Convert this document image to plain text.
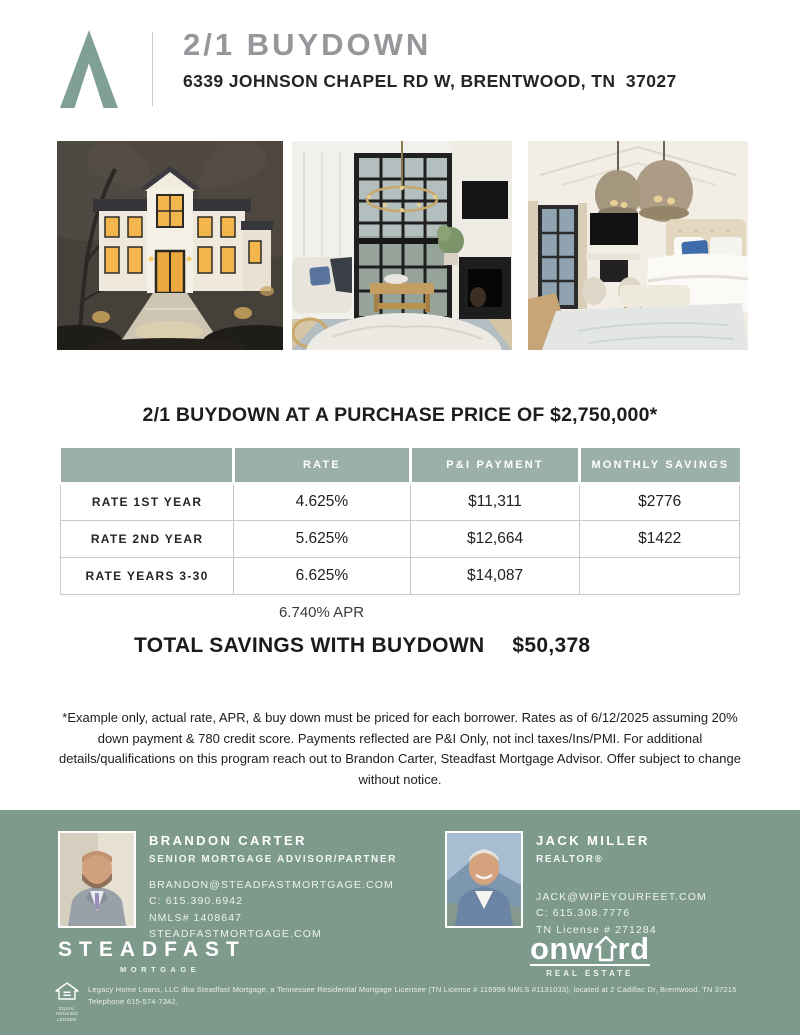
2/1 BUYDOWN
6339 JOHNSON CHAPEL RD W, BRENTWOOD, TN  37027
2/1 BUYDOWN AT A PURCHASE PRICE OF $2,750,000*
	RATE	P&I PAYMENT	MONTHLY SAVINGS
RATE 1ST YEAR	4.625%	$11,311	$2776
RATE 2ND YEAR	5.625%	$12,664	$1422
RATE YEARS 3-30	6.625%	$14,087	
6.740% APR
TOTAL SAVINGS WITH BUYDOWN $50,378

*Example only, actual rate, APR, & buy down must be priced for each borrower. Rates as of 6/12/2025 assuming 20% down payment & 780 credit score. Payments reflected are P&I Only, not incl taxes/Ins/PMI. For additional details/qualifications on this program reach out to Brandon Carter, Steadfast Mortgage Advisor. Offer subject to change without notice.

BRANDON CARTER
SENIOR MORTGAGE ADVISOR/PARTNER
BRANDON@STEADFASTMORTGAGE.COM
C: 615.390.6942
NMLS# 1408647
STEADFASTMORTGAGE.COM
JACK MILLER
REALTOR®
JACK@WIPEYOURFEET.COM
C: 615.308.7776
TN License # 271284
STEADFAST
MORTGAGE
onw rd
REAL ESTATE
EQUAL HOUSING LENDER
Legacy Home Loans, LLC dba Steadfast Mortgage, a Tennessee Residential Mortgage Licensee (TN License # 116996 NMLS #1131033), located at 2 Cadillac Dr, Brentwood, TN 37215
Telephone 615-574-7342.
